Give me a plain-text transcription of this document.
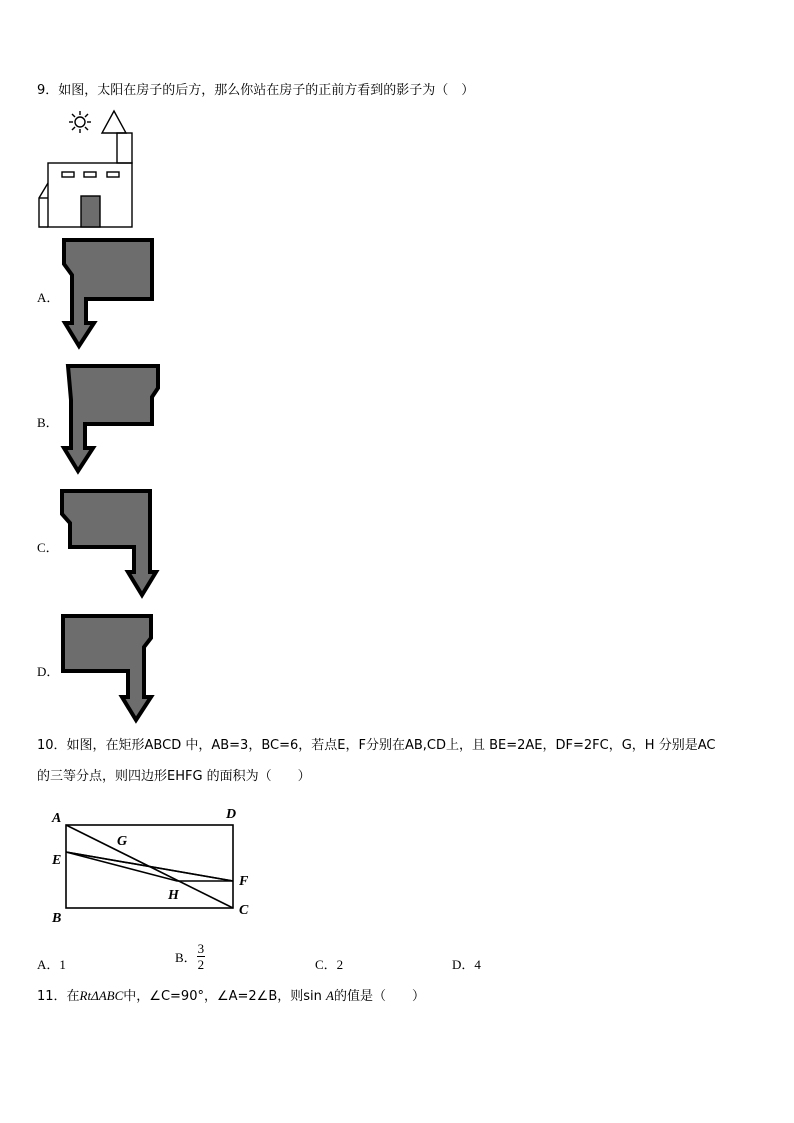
9．如图，太阳在房子的后方，那么你站在房子的正前方看到的影子为（　）
A．
B．
C．
D．
10．如图，在矩形ABCD 中，AB=3，BC=6，若点E，F分别在AB,CD上，且 BE=2AE，DF=2FC，G，H 分别是AC
的三等分点，则四边形EHFG 的面积为（　　）
A	D
E
G
H
F
B
C
A．1	B． $\frac{3}{2}$	C．2	D．4
11．在RtΔABC中，∠C=90°，∠A=2∠B，则sin A的值是（　　）
